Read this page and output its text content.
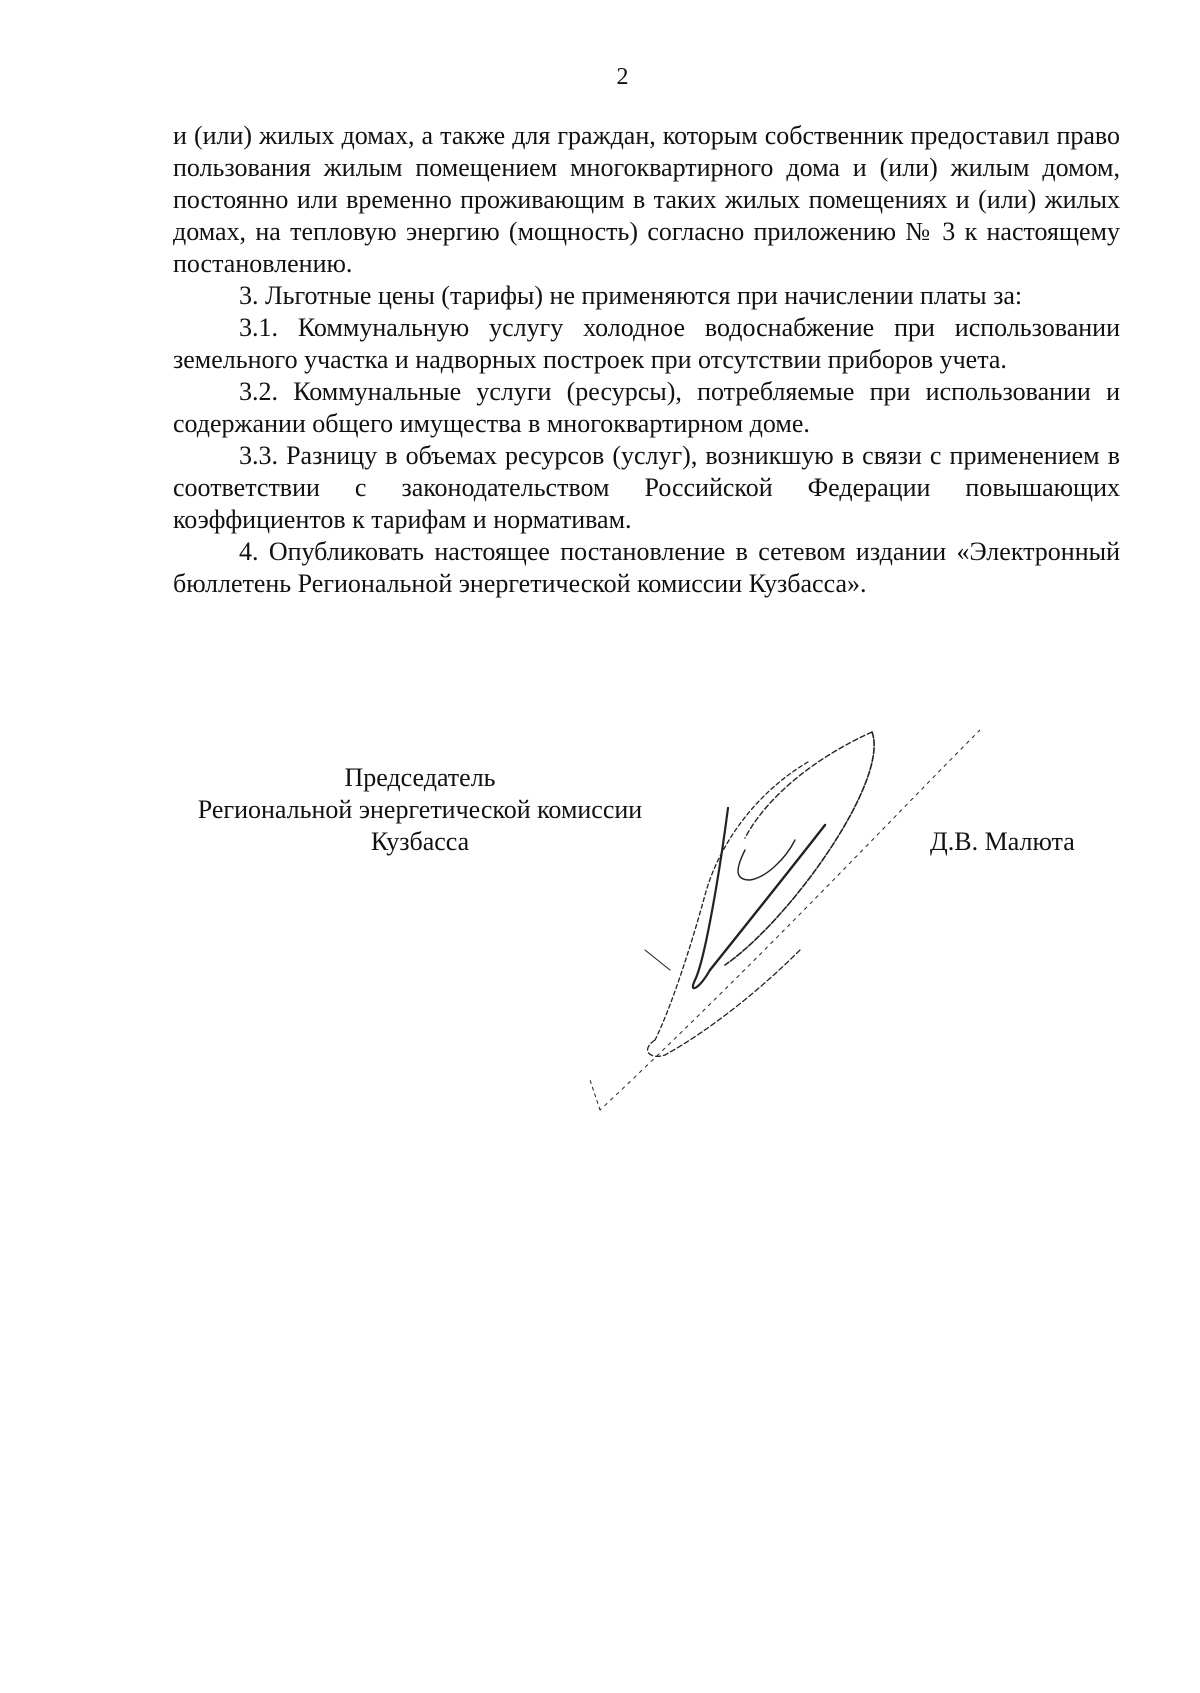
2

и (или) жилых домах, а также для граждан, которым собственник предоставил право пользования жилым помещением многоквартирного дома и (или) жилым домом, постоянно или временно проживающим в таких жилых помещениях и (или) жилых домах, на тепловую энергию (мощность) согласно приложению № 3 к настоящему постановлению.

3. Льготные цены (тарифы) не применяются при начислении платы за:

3.1. Коммунальную услугу холодное водоснабжение при использовании земельного участка и надворных построек при отсутствии приборов учета.

3.2. Коммунальные услуги (ресурсы), потребляемые при использовании и содержании общего имущества в многоквартирном доме.

3.3. Разницу в объемах ресурсов (услуг), возникшую в связи с применением в соответствии с законодательством Российской Федерации повышающих коэффициентов к тарифам и нормативам.

4. Опубликовать настоящее постановление в сетевом издании «Электронный бюллетень Региональной энергетической комиссии Кузбасса».

Председатель
Региональной энергетической комиссии
Кузбасса	Д.В. Малюта
